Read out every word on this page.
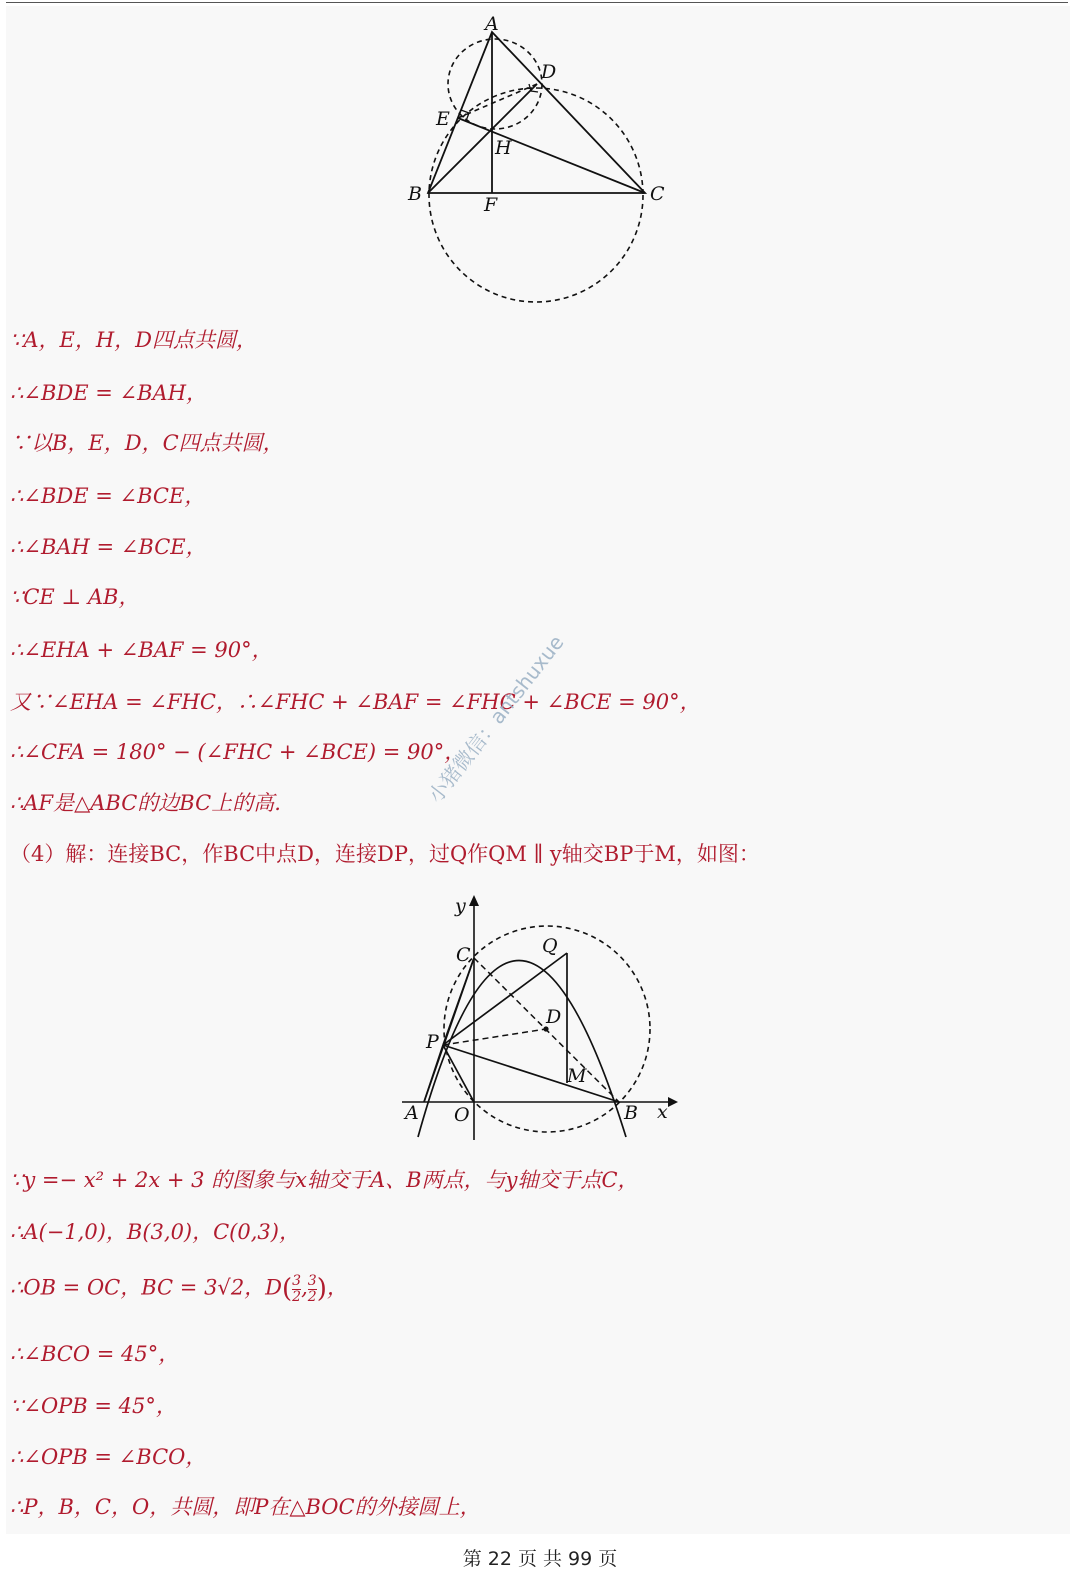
A
D
E
H
B	C
F
∵A，E，H，D四点共圆，
∴∠BDE = ∠BAH，
∵以B，E，D，C四点共圆，
∴∠BDE = ∠BCE，
∴∠BAH = ∠BCE，
∵CE ⊥ AB，
∴∠EHA + ∠BAF = 90°，
又∵∠EHA = ∠FHC，∴∠FHC + ∠BAF = ∠FHC + ∠BCE = 90°，
∴∠CFA = 180° − (∠FHC + ∠BCE) = 90°，
∴AF是△ABC的边BC上的高.
（4）解：连接BC，作BC中点D，连接DP，过Q作QM ∥ y轴交BP于M，如图：
y
x
C	Q
D
P
M
A O	B
∵y =− x² + 2x + 3 的图象与x轴交于A、B两点，与y轴交于点C，
∴A(−1,0)，B(3,0)，C(0,3)，
∴OB = OC，BC = 3√2，$D( \frac{3}{2}$ , $\frac{3}{2}$ )，
∴∠BCO = 45°，
∵∠OPB = 45°，
∴∠OPB = ∠BCO，
∴P，B，C，O，共圆，即P在△BOC的外接圆上，
小猪微信：antshuxue
第 22 页 共 99 页
